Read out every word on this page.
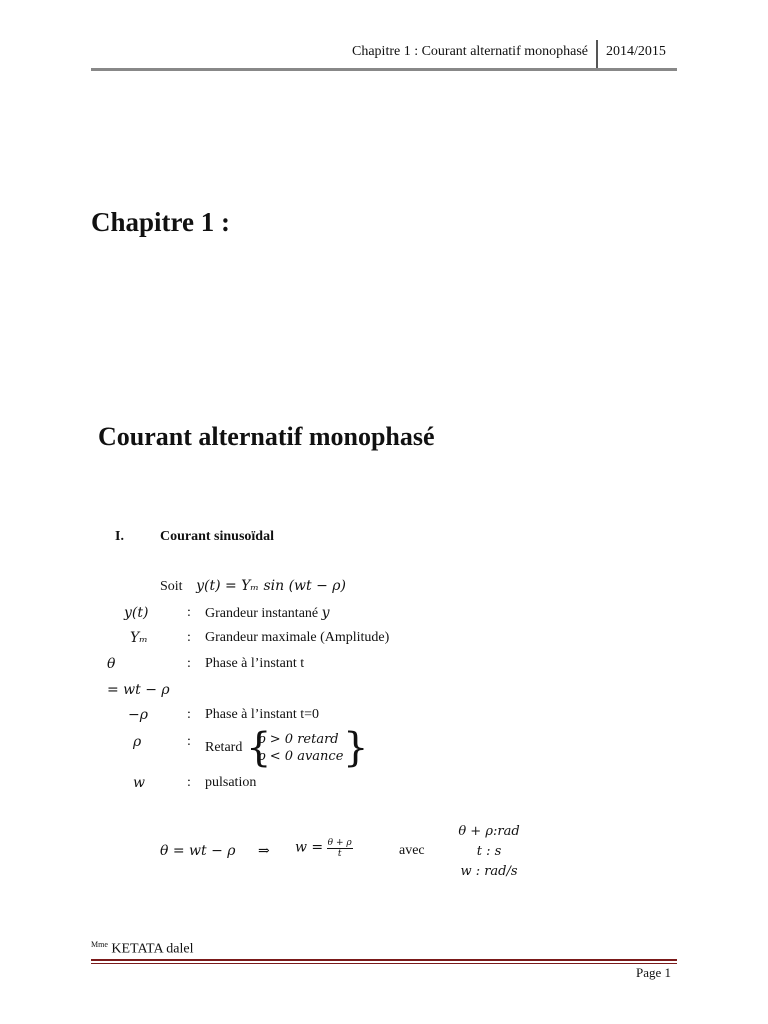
Chapitre 1 : Courant alternatif monophasé 2014/2015
Chapitre 1 :
Courant alternatif monophasé
I.	Courant sinusoïdal
Soit y(t) = Yₘ sin (wt − ρ)
y(t)	: Grandeur instantané y
Yₘ	: Grandeur maximale (Amplitude)
θ	: Phase à l’instant t
= wt − ρ
−ρ	: Phase à l’instant t=0
ρ	: Retard {
ρ > 0 retard
ρ < 0 avance }
w	: pulsation
θ = wt − ρ ⇒ $w = \frac{\theta + \rho}{t}$	avec
θ + ρ:rad
t : s
w : rad/s
$^{Mme}$ KETATA dalel
Page 1
